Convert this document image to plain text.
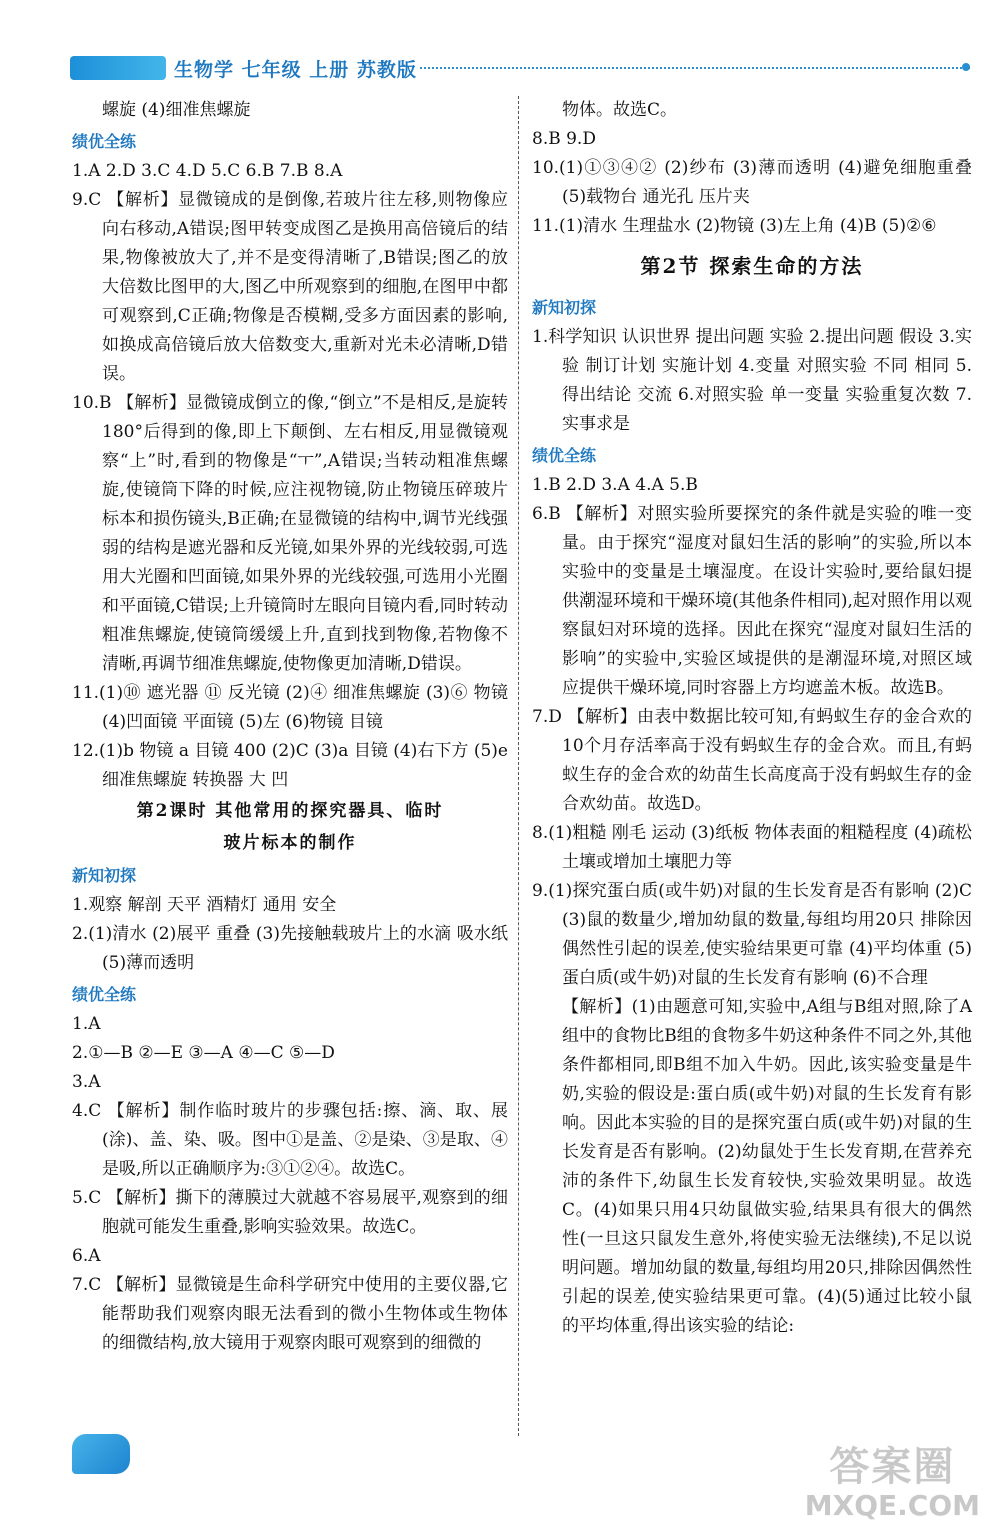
生物学 七年级 上册 苏教版
螺旋 (4)细准焦螺旋
绩优全练
1.A 2.D 3.C 4.D 5.C 6.B 7.B 8.A
9.C 【解析】显微镜成的是倒像,若玻片往左移,则物像应向右移动,A错误;图甲转变成图乙是换用高倍镜后的结果,物像被放大了,并不是变得清晰了,B错误;图乙的放大倍数比图甲的大,图乙中所观察到的细胞,在图甲中都可观察到,C正确;物像是否模糊,受多方面因素的影响,如换成高倍镜后放大倍数变大,重新对光未必清晰,D错误。
10.B 【解析】显微镜成倒立的像,“倒立”不是相反,是旋转180°后得到的像,即上下颠倒、左右相反,用显微镜观察“上”时,看到的物像是“ㅜ”,A错误;当转动粗准焦螺旋,使镜筒下降的时候,应注视物镜,防止物镜压碎玻片标本和损伤镜头,B正确;在显微镜的结构中,调节光线强弱的结构是遮光器和反光镜,如果外界的光线较弱,可选用大光圈和凹面镜,如果外界的光线较强,可选用小光圈和平面镜,C错误;上升镜筒时左眼向目镜内看,同时转动粗准焦螺旋,使镜筒缓缓上升,直到找到物像,若物像不清晰,再调节细准焦螺旋,使物像更加清晰,D错误。
11.(1)⑩ 遮光器 ⑪ 反光镜 (2)④ 细准焦螺旋 (3)⑥ 物镜 (4)凹面镜 平面镜 (5)左 (6)物镜 目镜
12.(1)b 物镜 a 目镜 400 (2)C (3)a 目镜 (4)右下方 (5)e 细准焦螺旋 转换器 大 凹
第2课时 其他常用的探究器具、临时
玻片标本的制作
新知初探
1.观察 解剖 天平 酒精灯 通用 安全
2.(1)清水 (2)展平 重叠 (3)先接触载玻片上的水滴 吸水纸 (5)薄而透明
绩优全练
1.A
2.①—B ②—E ③—A ④—C ⑤—D
3.A
4.C 【解析】制作临时玻片的步骤包括:擦、滴、取、展(涂)、盖、染、吸。图中①是盖、②是染、③是取、④是吸,所以正确顺序为:③①②④。故选C。
5.C 【解析】撕下的薄膜过大就越不容易展平,观察到的细胞就可能发生重叠,影响实验效果。故选C。
6.A
7.C 【解析】显微镜是生命科学研究中使用的主要仪器,它能帮助我们观察肉眼无法看到的微小生物体或生物体的细微结构,放大镜用于观察肉眼可观察到的细微的
物体。故选C。
8.B 9.D
10.(1)①③④② (2)纱布 (3)薄而透明 (4)避免细胞重叠 (5)载物台 通光孔 压片夹
11.(1)清水 生理盐水 (2)物镜 (3)左上角 (4)B (5)②⑥
第2节 探索生命的方法
新知初探
1.科学知识 认识世界 提出问题 实验 2.提出问题 假设 3.实验 制订计划 实施计划 4.变量 对照实验 不同 相同 5.得出结论 交流 6.对照实验 单一变量 实验重复次数 7.实事求是
绩优全练
1.B 2.D 3.A 4.A 5.B
6.B 【解析】对照实验所要探究的条件就是实验的唯一变量。由于探究“湿度对鼠妇生活的影响”的实验,所以本实验中的变量是土壤湿度。在设计实验时,要给鼠妇提供潮湿环境和干燥环境(其他条件相同),起对照作用以观察鼠妇对环境的选择。因此在探究“湿度对鼠妇生活的影响”的实验中,实验区域提供的是潮湿环境,对照区域应提供干燥环境,同时容器上方均遮盖木板。故选B。
7.D 【解析】由表中数据比较可知,有蚂蚁生存的金合欢的10个月存活率高于没有蚂蚁生存的金合欢。而且,有蚂蚁生存的金合欢的幼苗生长高度高于没有蚂蚁生存的金合欢幼苗。故选D。
8.(1)粗糙 刚毛 运动 (3)纸板 物体表面的粗糙程度 (4)疏松土壤或增加土壤肥力等
9.(1)探究蛋白质(或牛奶)对鼠的生长发育是否有影响 (2)C (3)鼠的数量少,增加幼鼠的数量,每组均用20只 排除因偶然性引起的误差,使实验结果更可靠 (4)平均体重 (5)蛋白质(或牛奶)对鼠的生长发育有影响 (6)不合理
【解析】(1)由题意可知,实验中,A组与B组对照,除了A组中的食物比B组的食物多牛奶这种条件不同之外,其他条件都相同,即B组不加入牛奶。因此,该实验变量是牛奶,实验的假设是:蛋白质(或牛奶)对鼠的生长发育有影响。因此本实验的目的是探究蛋白质(或牛奶)对鼠的生长发育是否有影响。(2)幼鼠处于生长发育期,在营养充沛的条件下,幼鼠生长发育较快,实验效果明显。故选C。(4)如果只用4只幼鼠做实验,结果具有很大的偶然性(一旦这只鼠发生意外,将使实验无法继续),不足以说明问题。增加幼鼠的数量,每组均用20只,排除因偶然性引起的误差,使实验结果更可靠。(4)(5)通过比较小鼠的平均体重,得出该实验的结论:
答案圈
MXQE.COM
